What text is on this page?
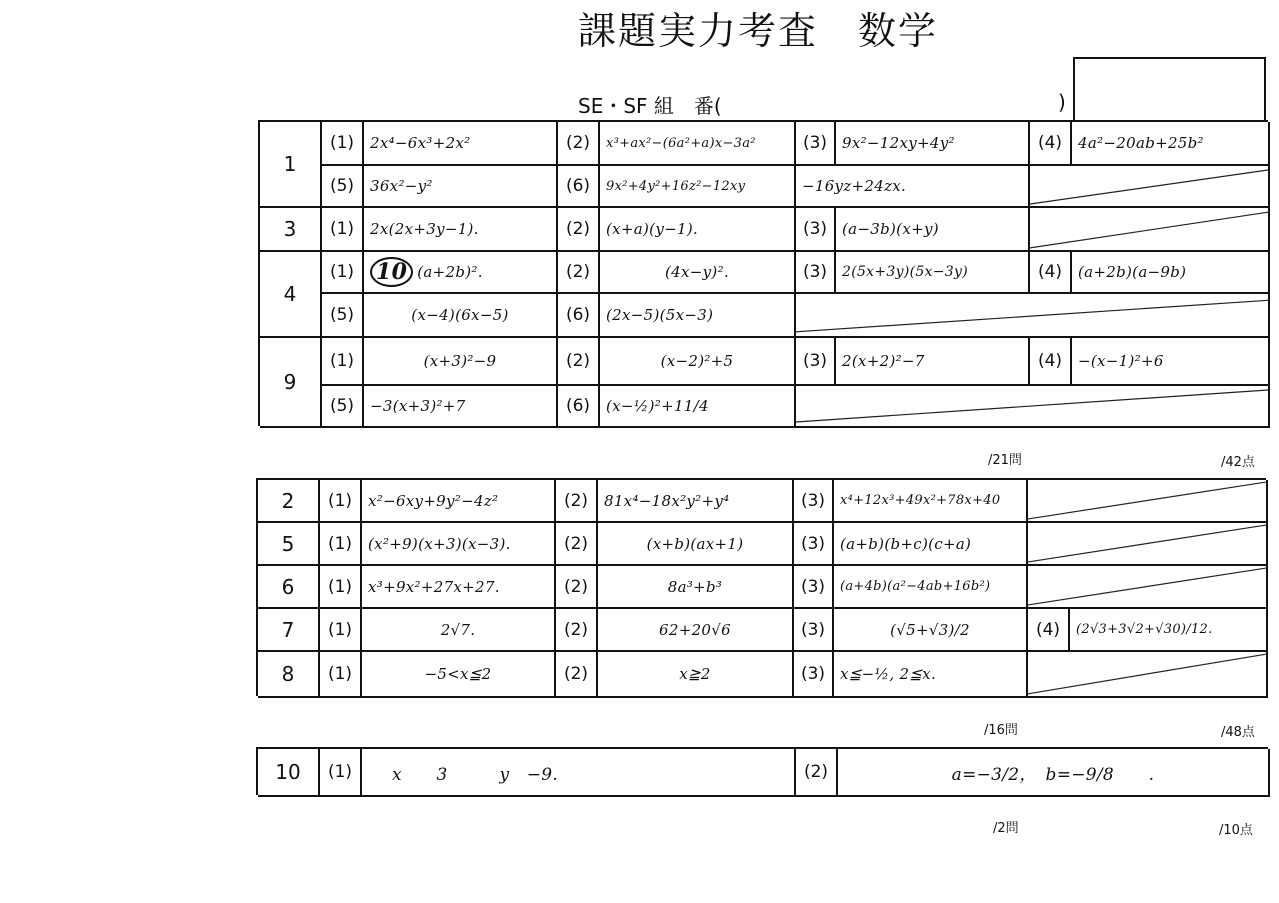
課題実力考査　数学
SE・SF 組　番(	)
1
(1)	2x⁴−6x³+2x²	(2)	x³+ax²−(6a²+a)x−3a²	(3) 9x²−12xy+4y²	(4)	4a²−20ab+25b²
(5)	36x²−y²	(6)	9x²+4y²+16z²−12xy	−16yz+24zx.
3	(1)	2x(2x+3y−1).	(2)	(x+a)(y−1).	(3) (a−3b)(x+y)
4
(1) 10 (a+2b)².	(2)	(4x−y)².	(3)	2(5x+3y)(5x−3y)	(4)	(a+2b)(a−9b)
(5)	(x−4)(6x−5)	(6)	(2x−5)(5x−3)
9
(1)	(x+3)²−9	(2)	(x−2)²+5	(3) 2(x+2)²−7	(4)	−(x−1)²+6
(5)	−3(x+3)²+7	(6)	(x−½)²+11/4
/21問	/42点
2	(1)	x²−6xy+9y²−4z²	(2)	81x⁴−18x²y²+y⁴	(3)	x⁴+12x³+49x²+78x+40
5	(1)	(x²+9)(x+3)(x−3).	(2)	(x+b)(ax+1)	(3) (a+b)(b+c)(c+a)
6	(1)	x³+9x²+27x+27.	(2)	8a³+b³	(3)	(a+4b)(a²−4ab+16b²)
7	(1)	2√7.	(2)	62+20√6	(3)	(√5+√3)/2	(4)	(2√3+3√2+√30)/12.
8	(1)	−5<x≦2	(2)	x≧2	(3) x≦−½, 2≦x.
/16問	/48点
10	(1)	x　　3　　　y　−9.	(2)	a=−3/2，　b=−9/8　　.
/2問	/10点
